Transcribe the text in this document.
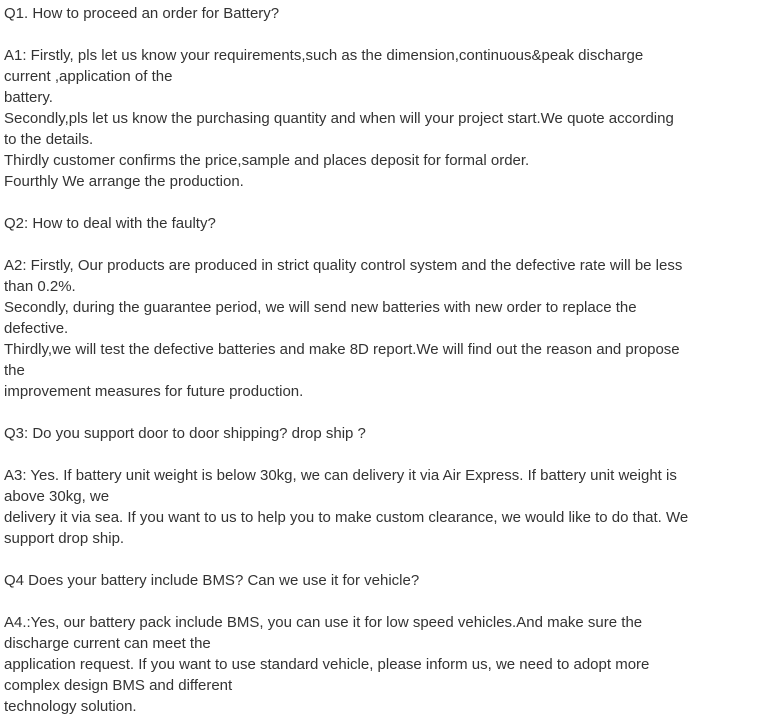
Q1. How to proceed an order for Battery?
A1: Firstly, pls let us know your requirements,such as the dimension,continuous&peak discharge
current ,application of the
battery.
Secondly,pls let us know the purchasing quantity and when will your project start.We quote according
to the details.
Thirdly customer confirms the price,sample and places deposit for formal order.
Fourthly We arrange the production.
Q2: How to deal with the faulty?
A2: Firstly, Our products are produced in strict quality control system and the defective rate will be less
than 0.2%.
Secondly, during the guarantee period, we will send new batteries with new order to replace the
defective.
Thirdly,we will test the defective batteries and make 8D report.We will find out the reason and propose
the
improvement measures for future production.
Q3: Do you support door to door shipping? drop ship ?
A3: Yes. If battery unit weight is below 30kg, we can delivery it via Air Express. If battery unit weight is
above 30kg, we
delivery it via sea. If you want to us to help you to make custom clearance, we would like to do that. We
support drop ship.
Q4 Does your battery include BMS? Can we use it for vehicle?
A4.:Yes, our battery pack include BMS, you can use it for low speed vehicles.And make sure the
discharge current can meet the
application request. If you want to use standard vehicle, please inform us, we need to adopt more
complex design BMS and different
technology solution.
